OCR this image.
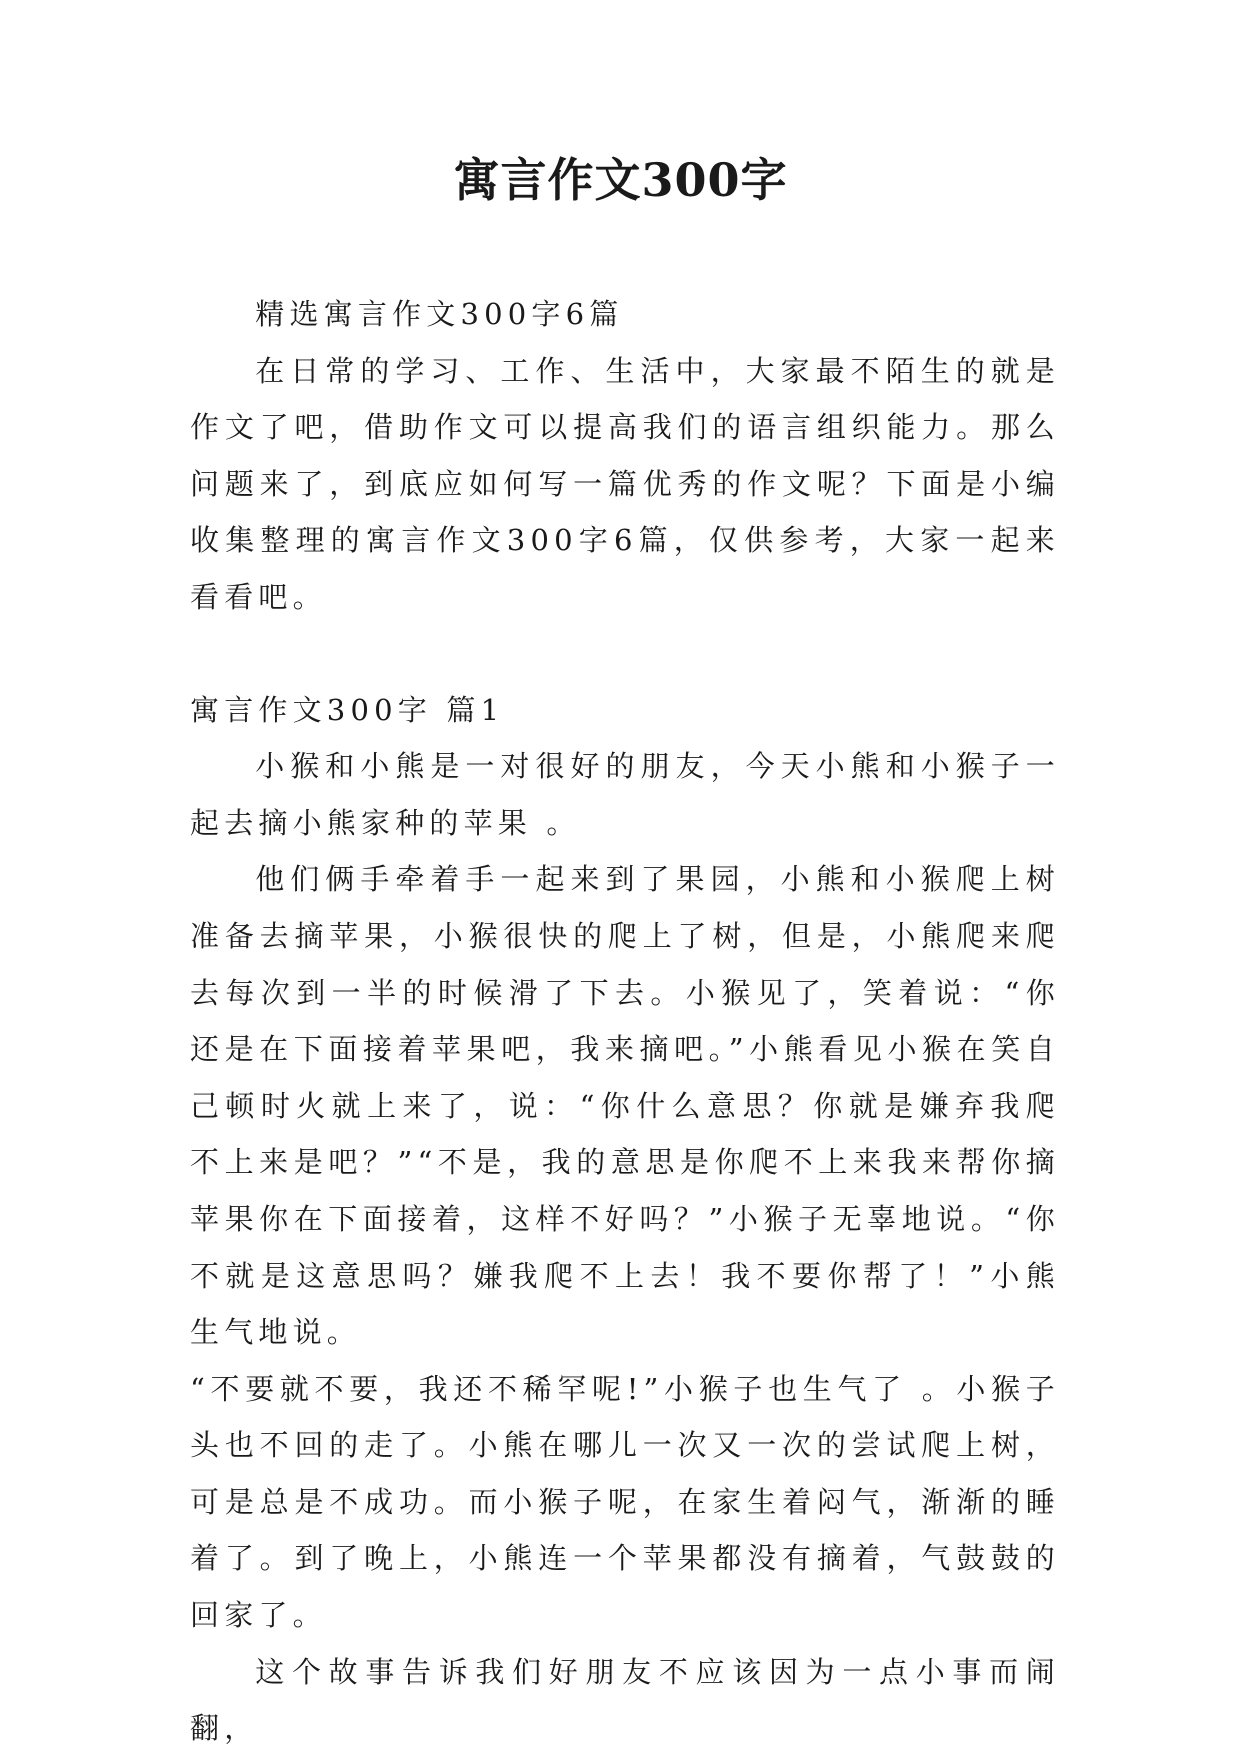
寓言作文300字

精选寓言作文300字6篇

在日常的学习、工作、生活中，大家最不陌生的就是作文了吧，借助作文可以提高我们的语言组织能力。那么问题来了，到底应如何写一篇优秀的作文呢？下面是小编收集整理的寓言作文300字6篇，仅供参考，大家一起来看看吧。

寓言作文300字 篇1

小猴和小熊是一对很好的朋友，今天小熊和小猴子一起去摘小熊家种的苹果 。

他们俩手牵着手一起来到了果园，小熊和小猴爬上树准备去摘苹果，小猴很快的爬上了树，但是，小熊爬来爬去每次到一半的时候滑了下去。小猴见了，笑着说：“你还是在下面接着苹果吧，我来摘吧。”小熊看见小猴在笑自己顿时火就上来了，说：“你什么意思？你就是嫌弃我爬不上来是吧？”“不是，我的意思是你爬不上来我来帮你摘苹果你在下面接着，这样不好吗？”小猴子无辜地说。“你不就是这意思吗？嫌我爬不上去！我不要你帮了！”小熊生气地说。

“不要就不要，我还不稀罕呢!”小猴子也生气了 。小猴子头也不回的走了。小熊在哪儿一次又一次的尝试爬上树，可是总是不成功。而小猴子呢，在家生着闷气，渐渐的睡着了。到了晚上，小熊连一个苹果都没有摘着，气鼓鼓的回家了。

这个故事告诉我们好朋友不应该因为一点小事而闹翻，
